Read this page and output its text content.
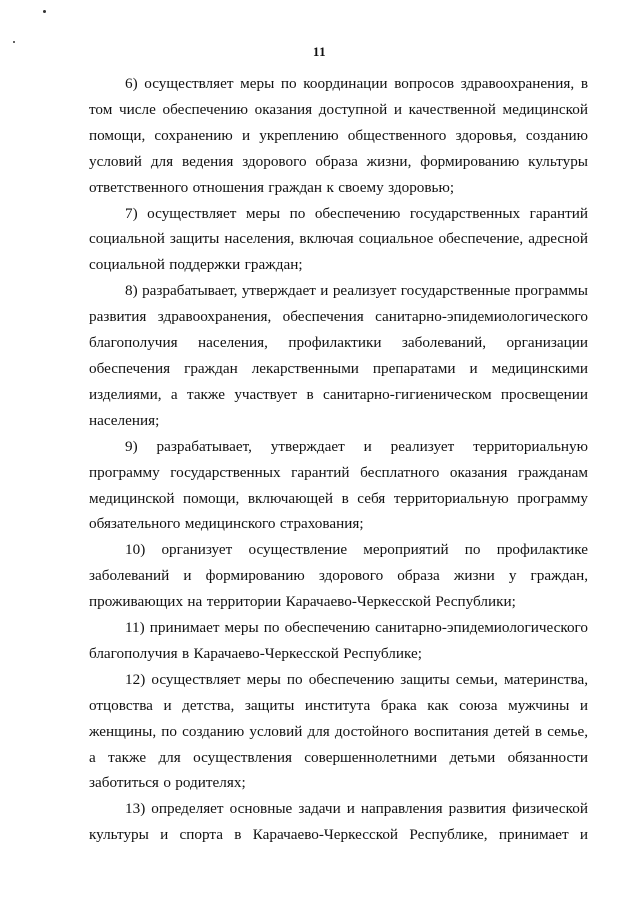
11

6) осуществляет меры по координации вопросов здравоохранения, в том числе обеспечению оказания доступной и качественной медицинской помощи, сохранению и укреплению общественного здоровья, созданию условий для ведения здорового образа жизни, формированию культуры ответственного отношения граждан к своему здоровью;

7) осуществляет меры по обеспечению государственных гарантий социальной защиты населения, включая социальное обеспечение, адресной социальной поддержки граждан;

8) разрабатывает, утверждает и реализует государственные программы развития здравоохранения, обеспечения санитарно-эпидемиологического благополучия населения, профилактики заболеваний, организации обеспечения граждан лекарственными препаратами и медицинскими изделиями, а также участвует в санитарно-гигиеническом просвещении населения;

9) разрабатывает, утверждает и реализует территориальную программу государственных гарантий бесплатного оказания гражданам медицинской помощи, включающей в себя территориальную программу обязательного медицинского страхования;

10) организует осуществление мероприятий по профилактике заболеваний и формированию здорового образа жизни у граждан, проживающих на территории Карачаево-Черкесской Республики;

11) принимает меры по обеспечению санитарно-эпидемиологического благополучия в Карачаево-Черкесской Республике;

12) осуществляет меры по обеспечению защиты семьи, материнства, отцовства и детства, защиты института брака как союза мужчины и женщины, по созданию условий для достойного воспитания детей в семье, а также для осуществления совершеннолетними детьми обязанности заботиться о родителях;

13) определяет основные задачи и направления развития физической культуры и спорта в Карачаево-Черкесской Республике, принимает и
